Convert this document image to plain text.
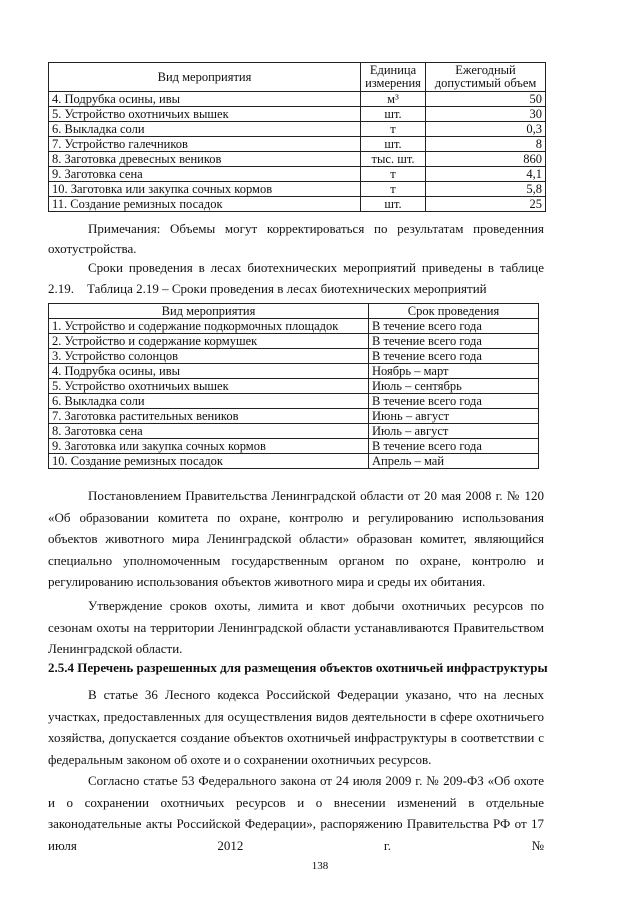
Вид мероприятия	Единица измерения	Ежегодный допустимый объем
4. Подрубка осины, ивы	м³	50
5. Устройство охотничьих вышек	шт.	30
6. Выкладка соли	т	0,3
7. Устройство галечников	шт.	8
8. Заготовка древесных веников	тыс. шт.	860
9. Заготовка сена	т	4,1
10. Заготовка или закупка сочных кормов	т	5,8
11. Создание ремизных посадок	шт.	25

Примечания: Объемы могут корректироваться по результатам проведенния охотустройства.

Сроки проведения в лесах биотехнических мероприятий приведены в таблице 2.19.	Таблица 2.19 – Сроки проведения в лесах биотехнических мероприятий

Вид мероприятия	Срок проведения
1. Устройство и содержание подкормочных площадок	В течение всего года
2. Устройство и содержание кормушек	В течение всего года
3. Устройство солонцов	В течение всего года
4. Подрубка осины, ивы	Ноябрь – март
5. Устройство охотничьих вышек	Июль – сентябрь
6. Выкладка соли	В течение всего года
7. Заготовка растительных веников	Июнь – август
8. Заготовка сена	Июль – август
9. Заготовка или закупка сочных кормов	В течение всего года
10. Создание ремизных посадок	Апрель – май

Постановлением Правительства Ленинградской области от 20 мая 2008 г. № 120 «Об образовании комитета по охране, контролю и регулированию использования объектов животного мира Ленинградской области» образован комитет, являющийся специально уполномоченным государственным органом по охране, контролю и регулированию использования объектов животного мира и среды их обитания.

Утверждение сроков охоты, лимита и квот добычи охотничьих ресурсов по сезонам охоты на территории Ленинградской области устанавливаются Правительством Ленинградской области.

2.5.4 Перечень разрешенных для размещения объектов охотничьей инфраструктуры

В статье 36 Лесного кодекса Российской Федерации указано, что на лесных участках, предоставленных для осуществления видов деятельности в сфере охотничьего хозяйства, допускается создание объектов охотничьей инфраструктуры в соответствии с федеральным законом об охоте и о сохранении охотничьих ресурсов.

Согласно статье 53 Федерального закона от 24 июля 2009 г. № 209-ФЗ «Об охоте и о сохранении охотничьих ресурсов и о внесении изменений в отдельные законодательные акты Российской Федерации», распоряжению Правительства РФ от 17 июля 2012 г. №

138
